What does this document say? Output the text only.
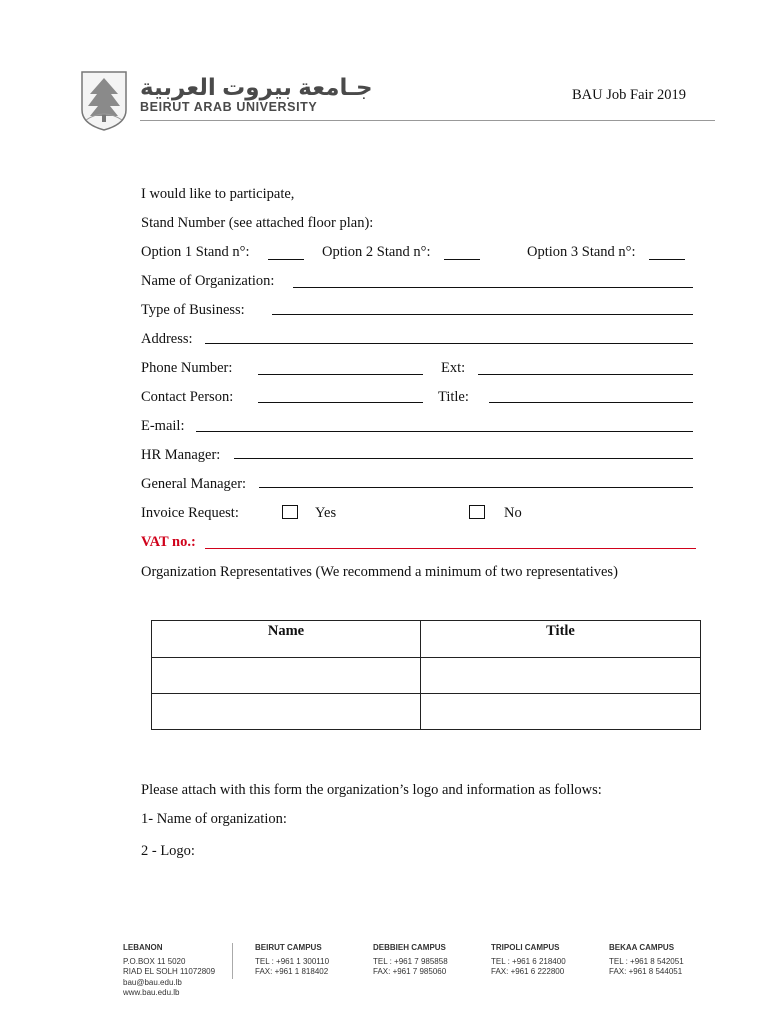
جـامعة بيروت العربية
BEIRUT ARAB UNIVERSITY
BAU Job Fair 2019
I would like to participate,
Stand Number (see attached floor plan):
Option 1 Stand n°:	Option 2 Stand n°:	Option 3 Stand n°:
Name of Organization:
Type of Business:
Address:
Phone Number:	Ext:
Contact Person:	Title:
E-mail:
HR Manager:
General Manager:
Invoice Request:	Yes	No
VAT no.:
Organization Representatives (We recommend a minimum of two representatives)
Name	Title

Please attach with this form the organization’s logo and information as follows:
1- Name of organization:
2 - Logo:
LEBANON
P.O.BOX 11 5020
RIAD EL SOLH 11072809
bau@bau.edu.lb
www.bau.edu.lb
BEIRUT CAMPUS
TEL : +961 1 300110
FAX: +961 1 818402
DEBBIEH CAMPUS
TEL : +961 7 985858
FAX: +961 7 985060
TRIPOLI CAMPUS
TEL : +961 6 218400
FAX: +961 6 222800
BEKAA CAMPUS
TEL : +961 8 542051
FAX: +961 8 544051
